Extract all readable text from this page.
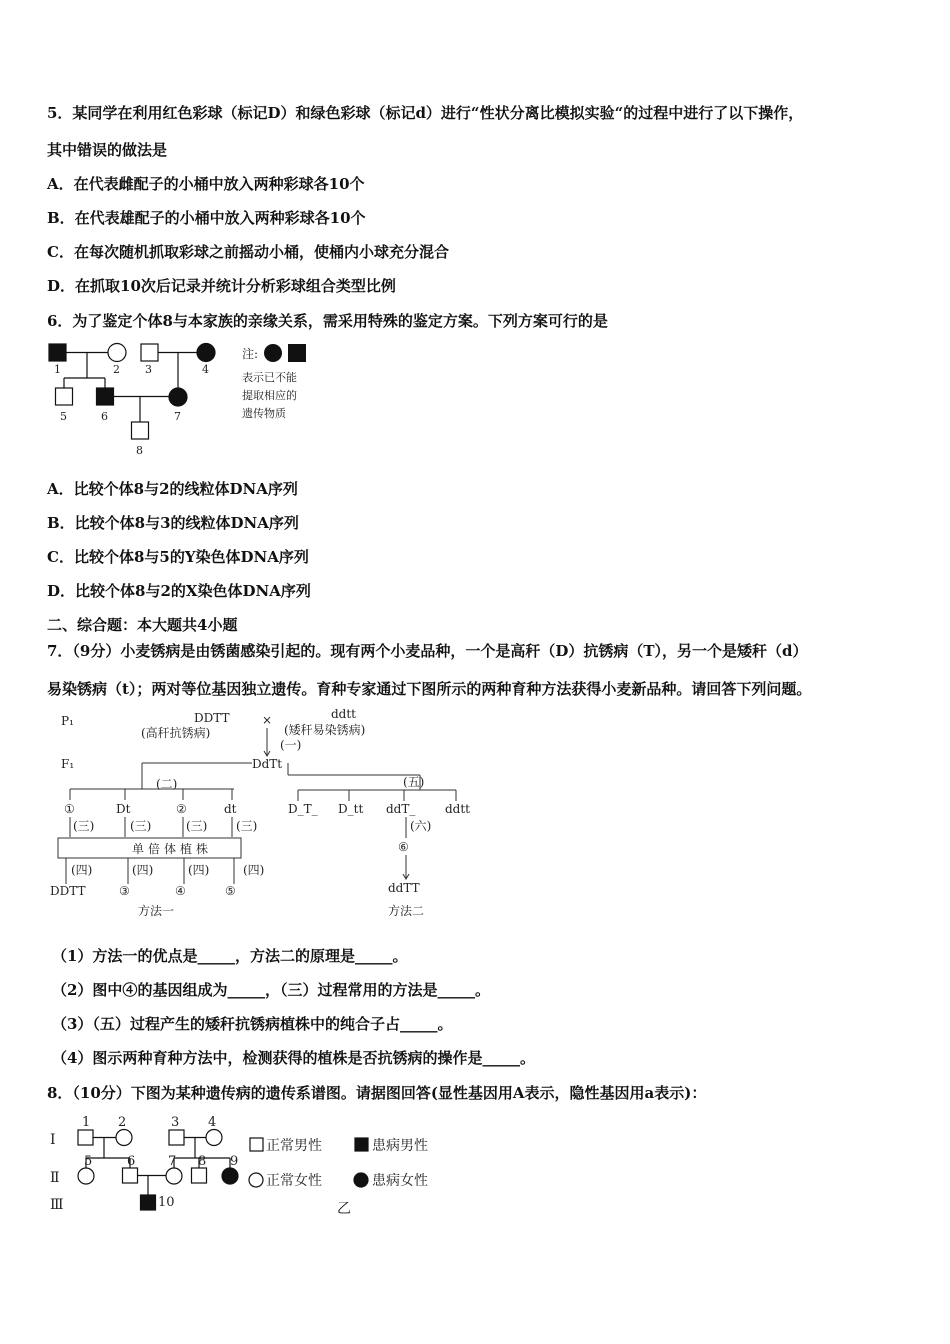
5．某同学在利用红色彩球（标记D）和绿色彩球（标记d）进行“性状分离比模拟实验“的过程中进行了以下操作，
其中错误的做法是
A．在代表雌配子的小桶中放入两种彩球各10个
B．在代表雄配子的小桶中放入两种彩球各10个
C．在每次随机抓取彩球之前摇动小桶，使桶内小球充分混合
D．在抓取10次后记录并统计分析彩球组合类型比例
6．为了鉴定个体8与本家族的亲缘关系，需采用特殊的鉴定方案。下列方案可行的是
1	2 3	4
5	6	7
8
注:
表示已不能
提取相应的
遗传物质
A．比较个体8与2的线粒体DNA序列
B．比较个体8与3的线粒体DNA序列
C．比较个体8与5的Y染色体DNA序列
D．比较个体8与2的X染色体DNA序列
二、综合题：本大题共4小题
7．（9分）小麦锈病是由锈菌感染引起的。现有两个小麦品种，一个是高秆（D）抗锈病（T），另一个是矮秆（d）
易染锈病（t）；两对等位基因独立遗传。育种专家通过下图所示的两种育种方法获得小麦新品种。请回答下列问题。
P₁	DDTT
(高秆抗锈病)
×	ddtt
(矮秆易染锈病)
(一)
F₁	DdTt
(二)	(五)
①	Dt	②	dt
(三)	(三)	(三) (三)
单倍体植株
(四)	(四)	(四)	(四)
DDTT	③	④	⑤
方法一
D_T_ D_tt ddT_ ddtt
(六)
⑥
ddTT
方法二
（1）方法一的优点是_____，方法二的原理是_____。
（2）图中④的基因组成为_____，（三）过程常用的方法是_____。
（3）（五）过程产生的矮秆抗锈病植株中的纯合子占_____。
（4）图示两种育种方法中，检测获得的植株是否抗锈病的操作是_____。
8．（10分）下图为某种遗传病的遗传系谱图。请据图回答(显性基因用A表示，隐性基因用a表示)：
Ⅰ
Ⅱ
Ⅲ
1 2	3 4
5	6	7 8 9
10
正常男性	患病男性
正常女性	患病女性
乙
